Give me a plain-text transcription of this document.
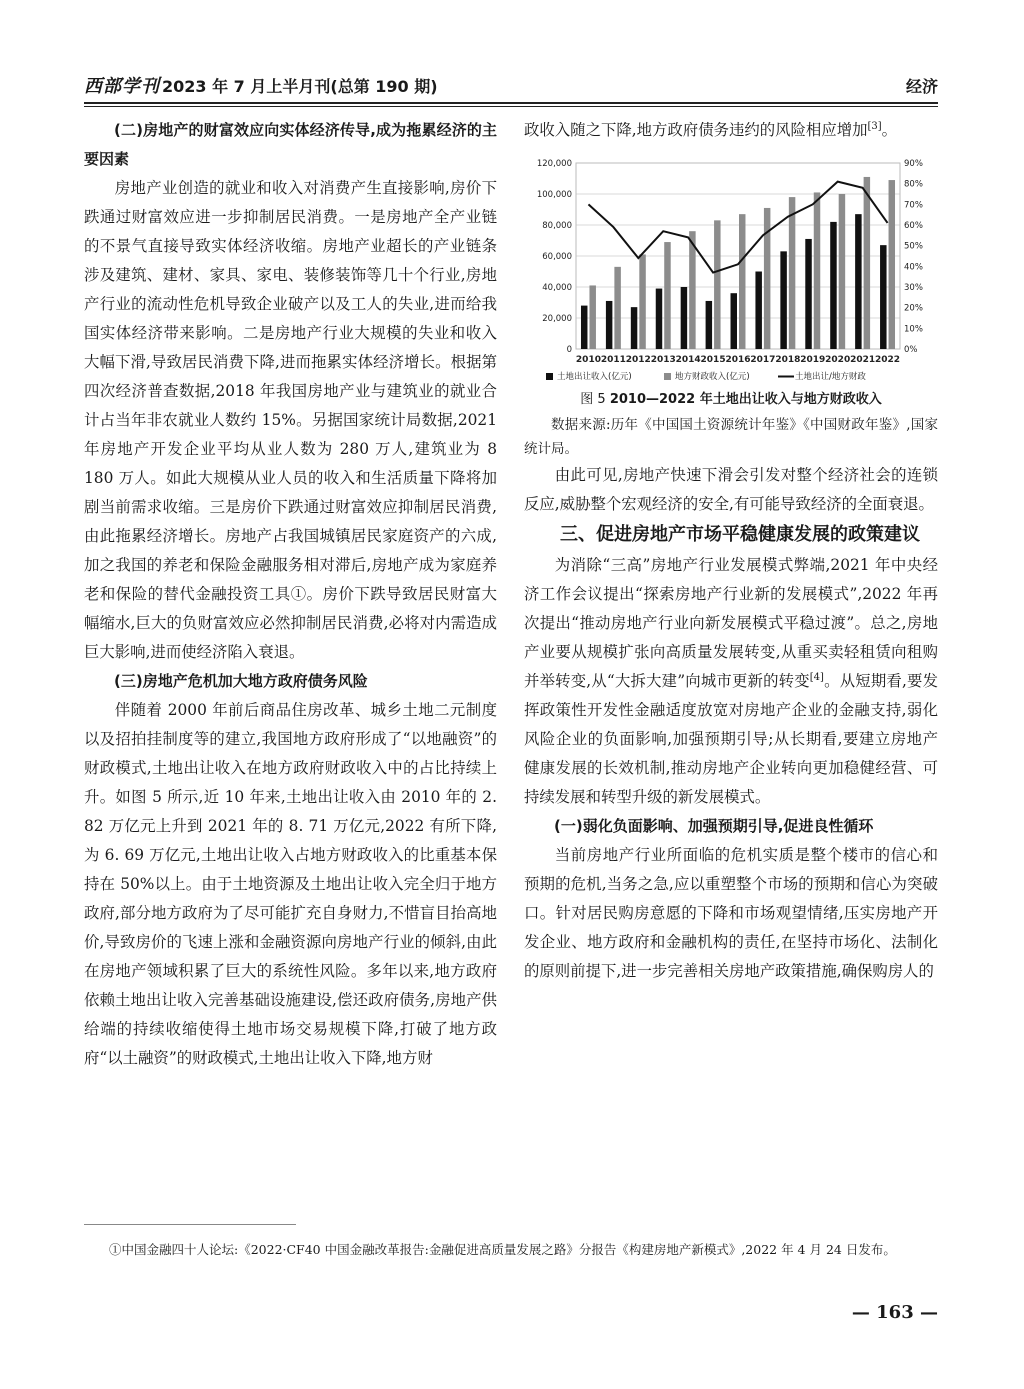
西部学刊 2023 年 7 月上半月刊(总第 190 期)	经济

(二)房地产的财富效应向实体经济传导,成为拖累经济的主要因素

房地产业创造的就业和收入对消费产生直接影响,房价下跌通过财富效应进一步抑制居民消费。一是房地产全产业链的不景气直接导致实体经济收缩。房地产业超长的产业链条涉及建筑、建材、家具、家电、装修装饰等几十个行业,房地产行业的流动性危机导致企业破产以及工人的失业,进而给我国实体经济带来影响。二是房地产行业大规模的失业和收入大幅下滑,导致居民消费下降,进而拖累实体经济增长。根据第四次经济普查数据,2018 年我国房地产业与建筑业的就业合计占当年非农就业人数约 15%。另据国家统计局数据,2021 年房地产开发企业平均从业人数为 280 万人,建筑业为 8 180 万人。如此大规模从业人员的收入和生活质量下降将加剧当前需求收缩。三是房价下跌通过财富效应抑制居民消费,由此拖累经济增长。房地产占我国城镇居民家庭资产的六成,加之我国的养老和保险金融服务相对滞后,房地产成为家庭养老和保险的替代金融投资工具①。房价下跌导致居民财富大幅缩水,巨大的负财富效应必然抑制居民消费,必将对内需造成巨大影响,进而使经济陷入衰退。

(三)房地产危机加大地方政府债务风险

伴随着 2000 年前后商品住房改革、城乡土地二元制度以及招拍挂制度等的建立,我国地方政府形成了“以地融资”的财政模式,土地出让收入在地方政府财政收入中的占比持续上升。如图 5 所示,近 10 年来,土地出让收入由 2010 年的 2. 82 万亿元上升到 2021 年的 8. 71 万亿元,2022 有所下降,为 6. 69 万亿元,土地出让收入占地方财政收入的比重基本保持在 50%以上。由于土地资源及土地出让收入完全归于地方政府,部分地方政府为了尽可能扩充自身财力,不惜盲目抬高地价,导致房价的飞速上涨和金融资源向房地产行业的倾斜,由此在房地产领域积累了巨大的系统性风险。多年以来,地方政府依赖土地出让收入完善基础设施建设,偿还政府债务,房地产供给端的持续收缩使得土地市场交易规模下降,打破了地方政府“以土融资”的财政模式,土地出让收入下降,地方财

政收入随之下降,地方政府债务违约的风险相应增加[3]。

0
20,000
40,000
60,000
80,000
100,000
120,000
0%
10%
20%
30%
40%
50%
60%
70%
80%
90%
2010 2011 2012 2013 2014 2015 2016 2017 2018 2019 2020 2021 2022
土地出让收入(亿元)	地方财政收入(亿元)	土地出让/地方财政
图 5 2010—2022 年土地出让收入与地方财政收入

数据来源:历年《中国国土资源统计年鉴》《中国财政年鉴》,国家统计局。

由此可见,房地产快速下滑会引发对整个经济社会的连锁反应,威胁整个宏观经济的安全,有可能导致经济的全面衰退。

三、促进房地产市场平稳健康发展的政策建议

为消除“三高”房地产行业发展模式弊端,2021 年中央经济工作会议提出“探索房地产行业新的发展模式”,2022 年再次提出“推动房地产行业向新发展模式平稳过渡”。总之,房地产业要从规模扩张向高质量发展转变,从重买卖轻租赁向租购并举转变,从“大拆大建”向城市更新的转变[4]。从短期看,要发挥政策性开发性金融适度放宽对房地产企业的金融支持,弱化风险企业的负面影响,加强预期引导;从长期看,要建立房地产健康发展的长效机制,推动房地产企业转向更加稳健经营、可持续发展和转型升级的新发展模式。

(一)弱化负面影响、加强预期引导,促进良性循环

当前房地产行业所面临的危机实质是整个楼市的信心和预期的危机,当务之急,应以重塑整个市场的预期和信心为突破口。针对居民购房意愿的下降和市场观望情绪,压实房地产开发企业、地方政府和金融机构的责任,在坚持市场化、法制化的原则前提下,进一步完善相关房地产政策措施,确保购房人的

①中国金融四十人论坛:《2022·CF40 中国金融改革报告:金融促进高质量发展之路》分报告《构建房地产新模式》,2022 年 4 月 24 日发布。
— 163 —
